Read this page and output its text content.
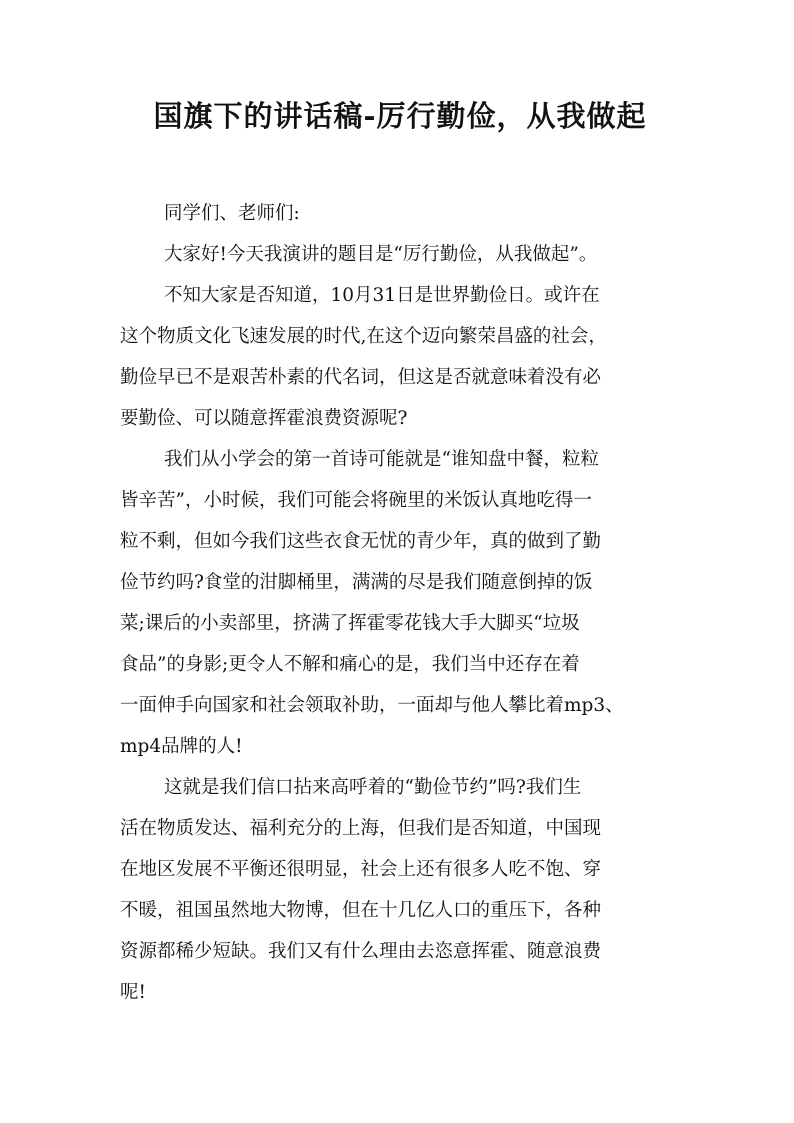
国旗下的讲话稿-厉行勤俭，从我做起

同学们、老师们:

大家好!今天我演讲的题目是“厉行勤俭，从我做起”。

不知大家是否知道，10月31日是世界勤俭日。或许在

这个物质文化飞速发展的时代,在这个迈向繁荣昌盛的社会，

勤俭早已不是艰苦朴素的代名词，但这是否就意味着没有必

要勤俭、可以随意挥霍浪费资源呢?

我们从小学会的第一首诗可能就是“谁知盘中餐，粒粒

皆辛苦”，小时候，我们可能会将碗里的米饭认真地吃得一

粒不剩，但如今我们这些衣食无忧的青少年，真的做到了勤

俭节约吗?食堂的泔脚桶里，满满的尽是我们随意倒掉的饭

菜;课后的小卖部里，挤满了挥霍零花钱大手大脚买“垃圾

食品”的身影;更令人不解和痛心的是，我们当中还存在着

一面伸手向国家和社会领取补助，一面却与他人攀比着mp3、

mp4品牌的人!

这就是我们信口拈来高呼着的“勤俭节约”吗?我们生

活在物质发达、福利充分的上海，但我们是否知道，中国现

在地区发展不平衡还很明显，社会上还有很多人吃不饱、穿

不暖，祖国虽然地大物博，但在十几亿人口的重压下，各种

资源都稀少短缺。我们又有什么理由去恣意挥霍、随意浪费

呢!
